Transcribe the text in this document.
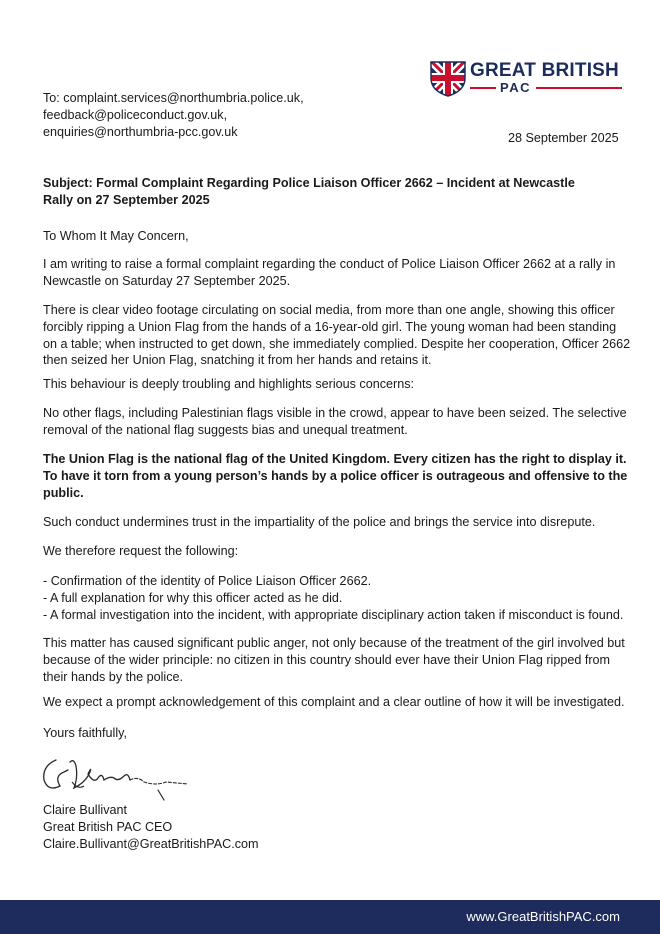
GREAT BRITISH
PAC
To: complaint.services@northumbria.police.uk,
feedback@policeconduct.gov.uk,
enquiries@northumbria-pcc.gov.uk	28 September 2025
Subject: Formal Complaint Regarding Police Liaison Officer 2662 – Incident at Newcastle
Rally on 27 September 2025
To Whom It May Concern,
I am writing to raise a formal complaint regarding the conduct of Police Liaison Officer 2662 at a rally in
Newcastle on Saturday 27 September 2025.
There is clear video footage circulating on social media, from more than one angle, showing this officer
forcibly ripping a Union Flag from the hands of a 16-year-old girl. The young woman had been standing
on a table; when instructed to get down, she immediately complied. Despite her cooperation, Officer 2662
then seized her Union Flag, snatching it from her hands and retains it.
This behaviour is deeply troubling and highlights serious concerns:
No other flags, including Palestinian flags visible in the crowd, appear to have been seized. The selective
removal of the national flag suggests bias and unequal treatment.
The Union Flag is the national flag of the United Kingdom. Every citizen has the right to display it.
To have it torn from a young person’s hands by a police officer is outrageous and offensive to the
public.
Such conduct undermines trust in the impartiality of the police and brings the service into disrepute.
We therefore request the following:
- Confirmation of the identity of Police Liaison Officer 2662.
- A full explanation for why this officer acted as he did.
- A formal investigation into the incident, with appropriate disciplinary action taken if misconduct is found.
This matter has caused significant public anger, not only because of the treatment of the girl involved but
because of the wider principle: no citizen in this country should ever have their Union Flag ripped from
their hands by the police.
We expect a prompt acknowledgement of this complaint and a clear outline of how it will be investigated.
Yours faithfully,
Claire Bullivant
Great British PAC CEO
Claire.Bullivant@GreatBritishPAC.com
www.GreatBritishPAC.com
